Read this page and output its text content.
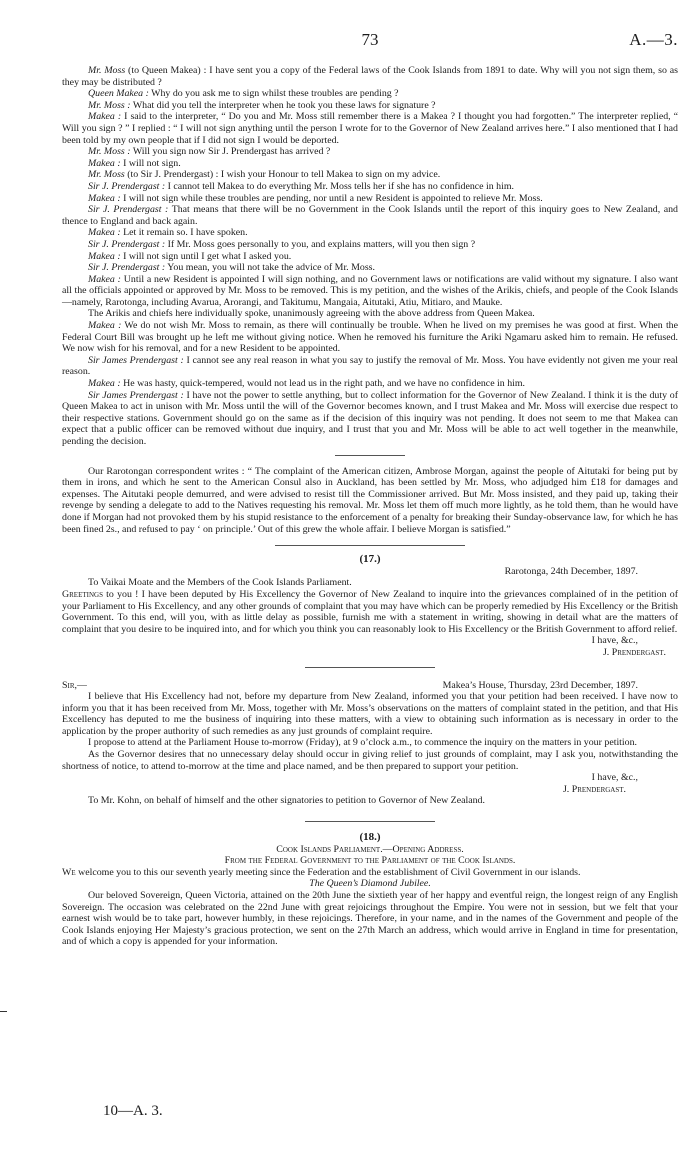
73	A.—3.

Mr. Moss (to Queen Makea) : I have sent you a copy of the Federal laws of the Cook Islands from 1891 to date. Why will you not sign them, so as they may be distributed ?

Queen Makea : Why do you ask me to sign whilst these troubles are pending ?

Mr. Moss : What did you tell the interpreter when he took you these laws for signature ?

Makea : I said to the interpreter, “ Do you and Mr. Moss still remember there is a Makea ? I thought you had forgotten.” The interpreter replied, “ Will you sign ? ” I replied : “ I will not sign anything until the person I wrote for to the Governor of New Zealand arrives here.” I also mentioned that I had been told by my own people that if I did not sign I would be deported.

Mr. Moss : Will you sign now Sir J. Prendergast has arrived ?

Makea : I will not sign.

Mr. Moss (to Sir J. Prendergast) : I wish your Honour to tell Makea to sign on my advice.

Sir J. Prendergast : I cannot tell Makea to do everything Mr. Moss tells her if she has no confidence in him.

Makea : I will not sign while these troubles are pending, nor until a new Resident is appointed to relieve Mr. Moss.

Sir J. Prendergast : That means that there will be no Government in the Cook Islands until the report of this inquiry goes to New Zealand, and thence to England and back again.

Makea : Let it remain so. I have spoken.

Sir J. Prendergast : If Mr. Moss goes personally to you, and explains matters, will you then sign ?

Makea : I will not sign until I get what I asked you.

Sir J. Prendergast : You mean, you will not take the advice of Mr. Moss.

Makea : Until a new Resident is appointed I will sign nothing, and no Government laws or notifications are valid without my signature. I also want all the officials appointed or approved by Mr. Moss to be removed. This is my petition, and the wishes of the Arikis, chiefs, and people of the Cook Islands—namely, Rarotonga, including Avarua, Arorangi, and Takitumu, Mangaia, Aitutaki, Atiu, Mitiaro, and Mauke.

The Arikis and chiefs here individually spoke, unanimously agreeing with the above address from Queen Makea.

Makea : We do not wish Mr. Moss to remain, as there will continually be trouble. When he lived on my premises he was good at first. When the Federal Court Bill was brought up he left me without giving notice. When he removed his furniture the Ariki Ngamaru asked him to remain. He refused. We now wish for his removal, and for a new Resident to be appointed.

Sir James Prendergast : I cannot see any real reason in what you say to justify the removal of Mr. Moss. You have evidently not given me your real reason.

Makea : He was hasty, quick-tempered, would not lead us in the right path, and we have no confidence in him.

Sir James Prendergast : I have not the power to settle anything, but to collect information for the Governor of New Zealand. I think it is the duty of Queen Makea to act in unison with Mr. Moss until the will of the Governor becomes known, and I trust Makea and Mr. Moss will exercise due respect to their respective stations. Government should go on the same as if the decision of this inquiry was not pending. It does not seem to me that Makea can expect that a public officer can be removed without due inquiry, and I trust that you and Mr. Moss will be able to act well together in the meanwhile, pending the decision.

Our Rarotongan correspondent writes : “ The complaint of the American citizen, Ambrose Morgan, against the people of Aitutaki for being put by them in irons, and which he sent to the American Consul also in Auckland, has been settled by Mr. Moss, who adjudged him £18 for damages and expenses. The Aitutaki people demurred, and were advised to resist till the Commissioner arrived. But Mr. Moss insisted, and they paid up, taking their revenge by sending a delegate to add to the Natives requesting his removal. Mr. Moss let them off much more lightly, as he told them, than he would have done if Morgan had not provoked them by his stupid resistance to the enforcement of a penalty for breaking their Sunday-observance law, for which he has been fined 2s., and refused to pay ‘ on principle.’ Out of this grew the whole affair. I believe Morgan is satisfied.”

(17.)

Rarotonga, 24th December, 1897.

To Vaikai Moate and the Members of the Cook Islands Parliament.

Greetings to you ! I have been deputed by His Excellency the Governor of New Zealand to inquire into the grievances complained of in the petition of your Parliament to His Excellency, and any other grounds of complaint that you may have which can be properly remedied by His Excellency or the British Government. To this end, will you, with as little delay as possible, furnish me with a statement in writing, showing in detail what are the matters of complaint that you desire to be inquired into, and for which you think you can reasonably look to His Excellency or the British Government to afford relief.

I have, &c.,

J. Prendergast.

Sir,—	Makea’s House, Thursday, 23rd December, 1897.

I believe that His Excellency had not, before my departure from New Zealand, informed you that your petition had been received. I have now to inform you that it has been received from Mr. Moss, together with Mr. Moss’s observations on the matters of complaint stated in the petition, and that His Excellency has deputed to me the business of inquiring into these matters, with a view to obtaining such information as is necessary in order to the application by the proper authority of such remedies as any just grounds of complaint require.

I propose to attend at the Parliament House to-morrow (Friday), at 9 o’clock a.m., to commence the inquiry on the matters in your petition.

As the Governor desires that no unnecessary delay should occur in giving relief to just grounds of complaint, may I ask you, notwithstanding the shortness of notice, to attend to-morrow at the time and place named, and be then prepared to support your petition.

I have, &c.,

J. Prendergast.

To Mr. Kohn, on behalf of himself and the other signatories to petition to Governor of New Zealand.

(18.)

Cook Islands Parliament.—Opening Address.

From the Federal Government to the Parliament of the Cook Islands.

We welcome you to this our seventh yearly meeting since the Federation and the establishment of Civil Government in our islands.

The Queen’s Diamond Jubilee.

Our beloved Sovereign, Queen Victoria, attained on the 20th June the sixtieth year of her happy and eventful reign, the longest reign of any English Sovereign. The occasion was celebrated on the 22nd June with great rejoicings throughout the Empire. You were not in session, but we felt that your earnest wish would be to take part, however humbly, in these rejoicings. Therefore, in your name, and in the names of the Government and people of the Cook Islands enjoying Her Majesty’s gracious protection, we sent on the 27th March an address, which would arrive in England in time for presentation, and of which a copy is appended for your information.

10—A. 3.
